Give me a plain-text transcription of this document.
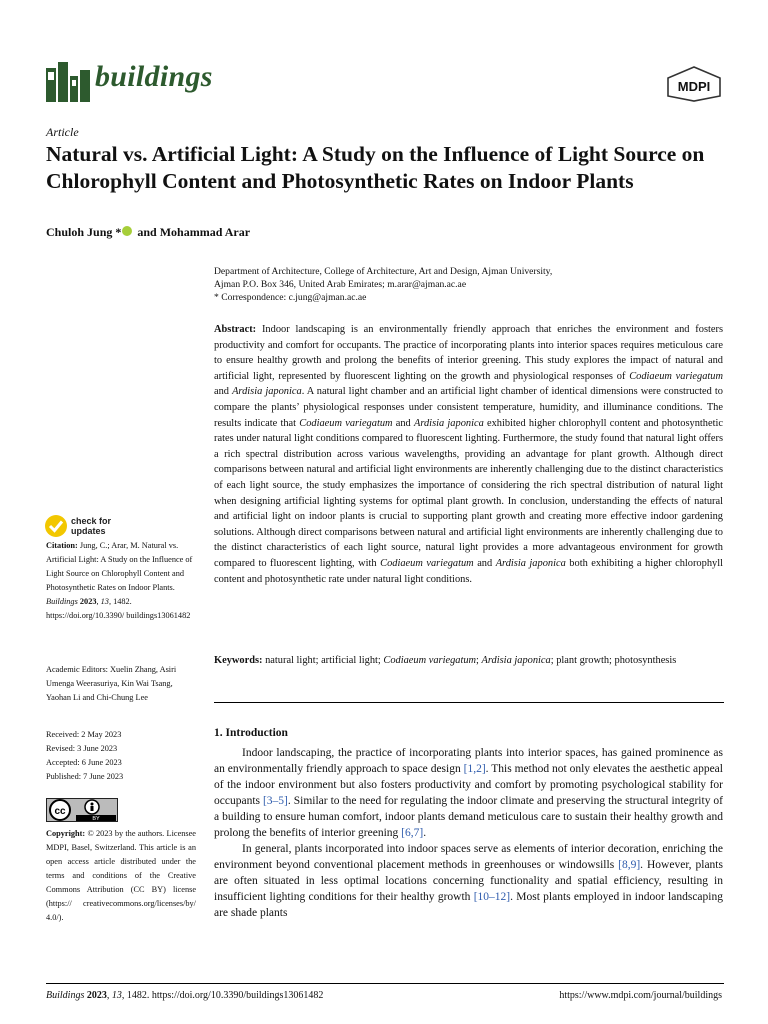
buildings	MDPI
Article
Natural vs. Artificial Light: A Study on the Influence of Light Source on Chlorophyll Content and Photosynthetic Rates on Indoor Plants
Chuloh Jung * and Mohammad Arar
Department of Architecture, College of Architecture, Art and Design, Ajman University,
Ajman P.O. Box 346, United Arab Emirates; m.arar@ajman.ac.ae
* Correspondence: c.jung@ajman.ac.ae

Abstract: Indoor landscaping is an environmentally friendly approach that enriches the environment and fosters productivity and comfort for occupants. The practice of incorporating plants into interior spaces requires meticulous care to ensure healthy growth and prolong the benefits of interior greening. This study explores the impact of natural and artificial light, represented by fluorescent lighting on the growth and physiological responses of Codiaeum variegatum and Ardisia japonica. A natural light chamber and an artificial light chamber of identical dimensions were constructed to compare the plants’ physiological responses under consistent temperature, humidity, and illuminance conditions. The results indicate that Codiaeum variegatum and Ardisia japonica exhibited higher chlorophyll content and photosynthetic rates under natural light conditions compared to fluorescent lighting. Furthermore, the study found that natural light offers a rich spectral distribution across various wavelengths, providing an advantage for plant growth. Although direct comparisons between natural and artificial light environments are inherently challenging due to the distinct characteristics of each light source, the study emphasizes the importance of considering the rich spectral distribution of natural light when designing artificial lighting systems for optimal plant growth. In conclusion, understanding the effects of natural and artificial light on indoor plants is crucial to supporting plant growth and creating more effective indoor gardening solutions. Although direct comparisons between natural and artificial light environments are inherently challenging due to the distinct characteristics of each light source, natural light provides a more advantageous environment for growth compared to fluorescent lighting, with Codiaeum variegatum and Ardisia japonica both exhibiting a higher chlorophyll content and photosynthetic rate under natural light conditions.

Keywords: natural light; artificial light; Codiaeum variegatum; Ardisia japonica; plant growth; photosynthesis

1. Introduction

Indoor landscaping, the practice of incorporating plants into interior spaces, has gained prominence as an environmentally friendly approach to space design [1,2]. This method not only elevates the aesthetic appeal of the indoor environment but also fosters productivity and comfort by promoting psychological stability for occupants [3–5]. Similar to the need for regulating the indoor climate and preserving the structural integrity of a building to ensure human comfort, indoor plants demand meticulous care to sustain their healthy growth and prolong the benefits of interior greening [6,7].

In general, plants incorporated into indoor spaces serve as elements of interior decoration, enriching the environment beyond conventional placement methods in greenhouses or windowsills [8,9]. However, plants are often situated in less optimal locations concerning functionality and spatial efficiency, resulting in insufficient lighting conditions for their healthy growth [10–12]. Most plants employed in indoor landscaping are shade plants

check for
updates
Citation: Jung, C.; Arar, M. Natural vs. Artificial Light: A Study on the Influence of Light Source on Chlorophyll Content and Photosynthetic Rates on Indoor Plants. Buildings 2023, 13, 1482. https://doi.org/10.3390/ buildings13061482
Academic Editors: Xuelin Zhang, Asiri Umenga Weerasuriya, Kin Wai Tsang, Yaohan Li and Chi-Chung Lee
Received: 2 May 2023
Revised: 3 June 2023
Accepted: 6 June 2023
Published: 7 June 2023
cc
BY
Copyright: © 2023 by the authors. Licensee MDPI, Basel, Switzerland. This article is an open access article distributed under the terms and conditions of the Creative Commons Attribution (CC BY) license (https:// creativecommons.org/licenses/by/ 4.0/).
Buildings 2023, 13, 1482. https://doi.org/10.3390/buildings13061482	https://www.mdpi.com/journal/buildings
